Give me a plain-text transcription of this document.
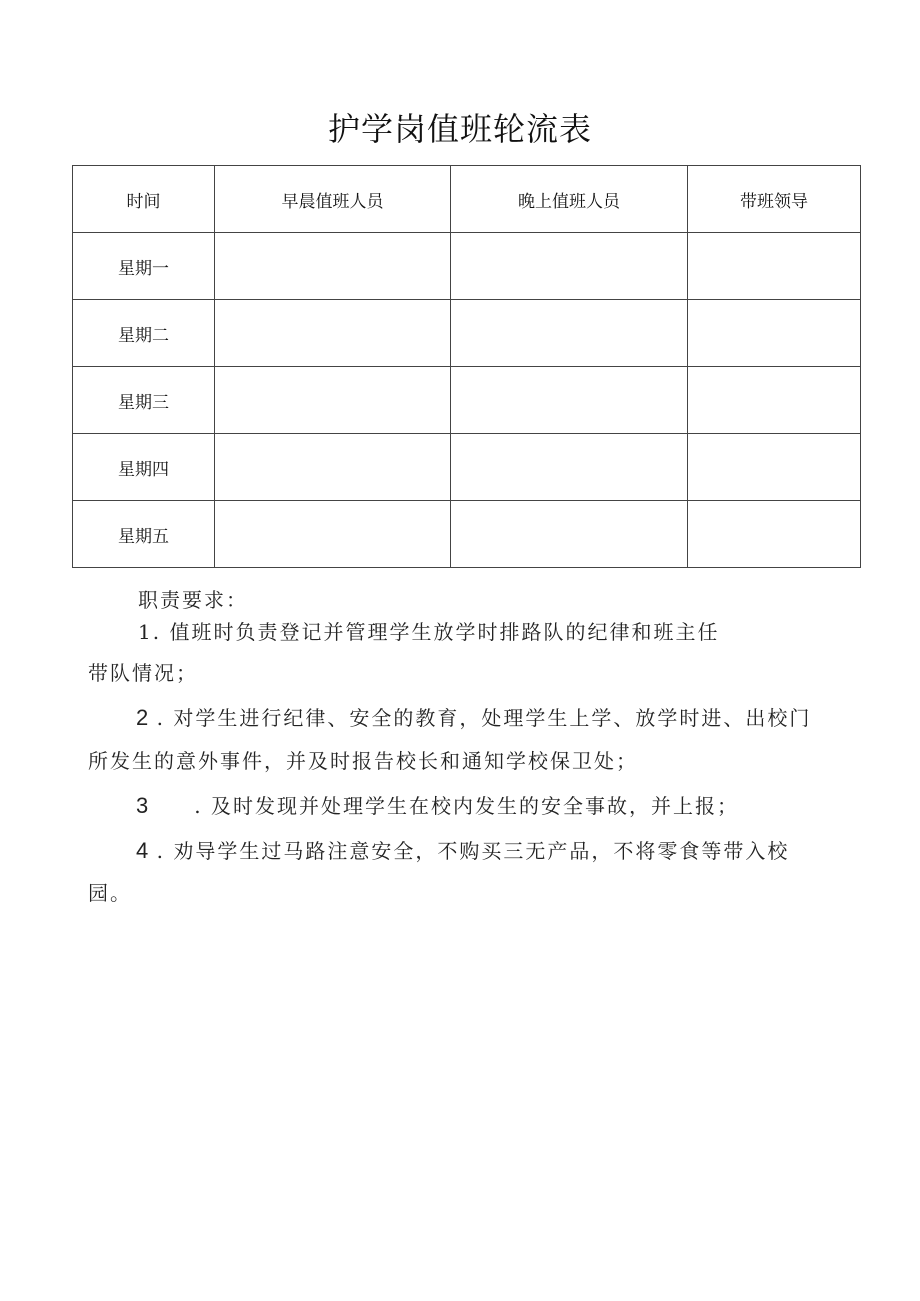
护学岗值班轮流表
时间	早晨值班人员	晚上值班人员	带班领导
星期一			
星期二			
星期三			
星期四			
星期五			
职责要求：
1. 值班时负责登记并管理学生放学时排路队的纪律和班主任
带队情况；
2 . 对学生进行纪律、安全的教育，处理学生上学、放学时进、出校门
所发生的意外事件，并及时报告校长和通知学校保卫处；
3 . 及时发现并处理学生在校内发生的安全事故，并上报；
4 . 劝导学生过马路注意安全，不购买三无产品，不将零食等带入校
园。
